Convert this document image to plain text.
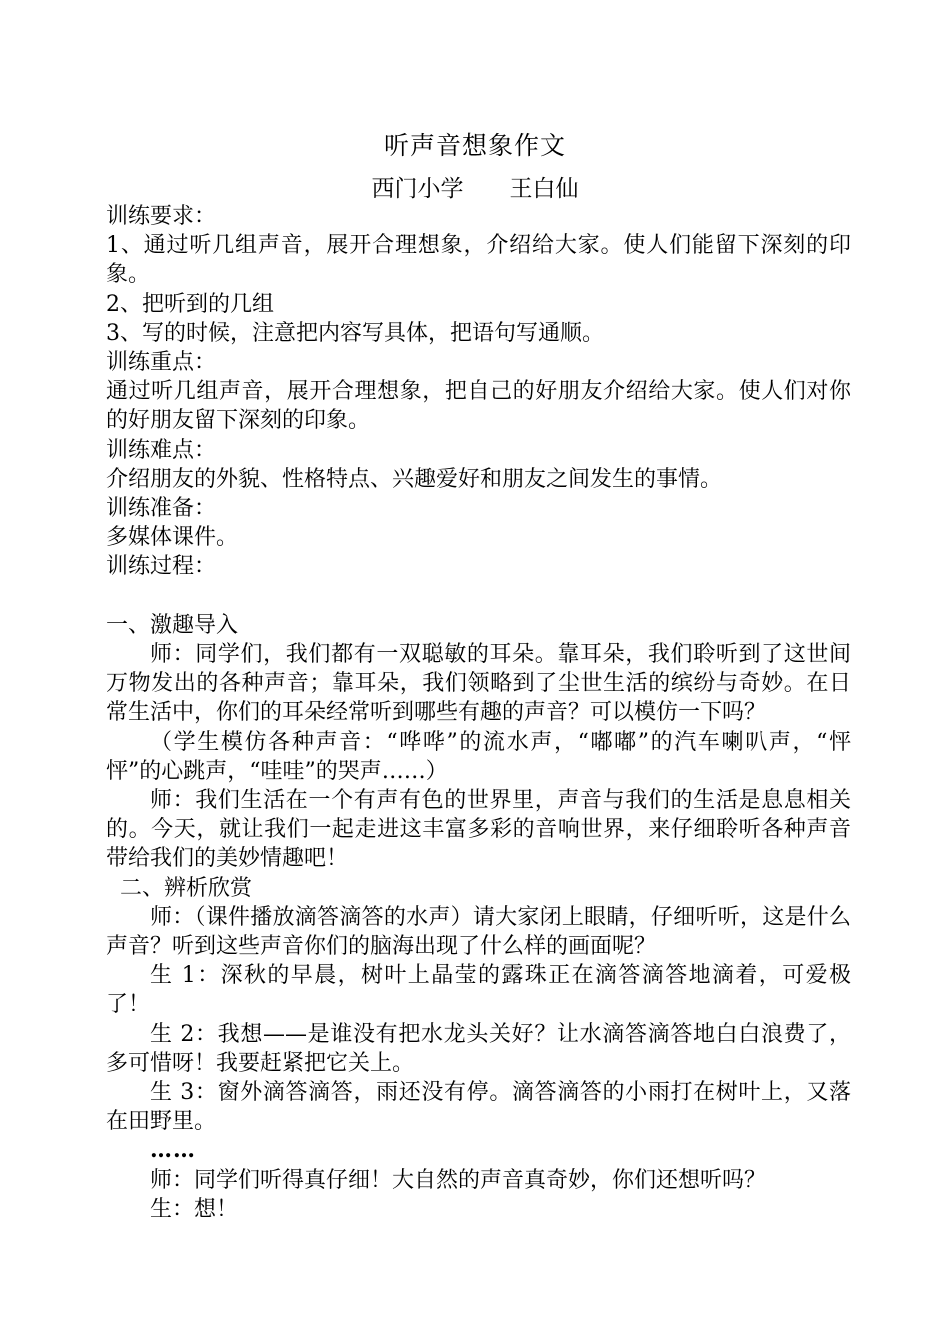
听声音想象作文
西门小学 王白仙

训练要求：

1、通过听几组声音，展开合理想象，介绍给大家。使人们能留下深刻的印象。

2、把听到的几组

3、写的时候，注意把内容写具体，把语句写通顺。

训练重点：

通过听几组声音，展开合理想象，把自己的好朋友介绍给大家。使人们对你的好朋友留下深刻的印象。

训练难点：

介绍朋友的外貌、性格特点、兴趣爱好和朋友之间发生的事情。

训练准备：

多媒体课件。

训练过程：

一、激趣导入

师：同学们，我们都有一双聪敏的耳朵。靠耳朵，我们聆听到了这世间万物发出的各种声音；靠耳朵，我们领略到了尘世生活的缤纷与奇妙。在日常生活中，你们的耳朵经常听到哪些有趣的声音？可以模仿一下吗？

（学生模仿各种声音：“哗哗”的流水声，“嘟嘟”的汽车喇叭声，“怦怦”的心跳声，“哇哇”的哭声……）

师：我们生活在一个有声有色的世界里，声音与我们的生活是息息相关的。今天，就让我们一起走进这丰富多彩的音响世界，来仔细聆听各种声音带给我们的美妙情趣吧！

二、辨析欣赏

师：（课件播放滴答滴答的水声）请大家闭上眼睛，仔细听听，这是什么声音？听到这些声音你们的脑海出现了什么样的画面呢？

生 1：深秋的早晨，树叶上晶莹的露珠正在滴答滴答地滴着，可爱极了！

生 2：我想——是谁没有把水龙头关好？让水滴答滴答地白白浪费了，多可惜呀！我要赶紧把它关上。

生 3：窗外滴答滴答，雨还没有停。滴答滴答的小雨打在树叶上，又落在田野里。

……

师：同学们听得真仔细！大自然的声音真奇妙，你们还想听吗？

生：想！
